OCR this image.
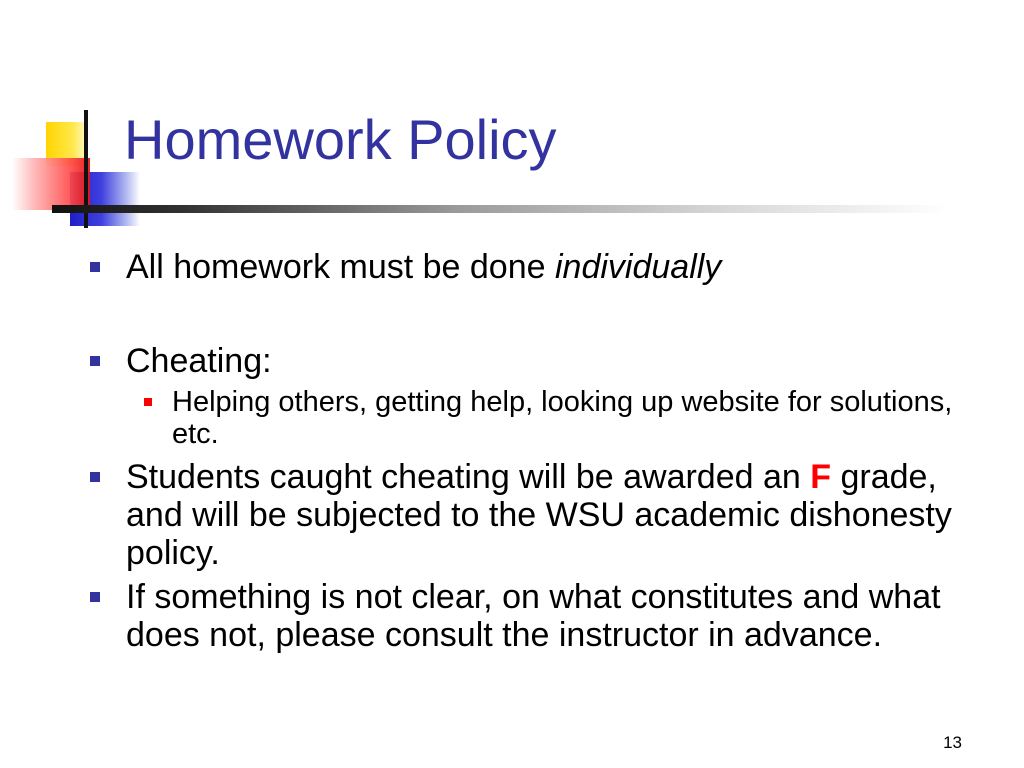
Homework Policy
All homework must be done individually
Cheating:
Helping others, getting help, looking up website for solutions, etc.
Students caught cheating will be awarded an F grade, and will be subjected to the WSU academic dishonesty policy.
If something is not clear, on what constitutes and what does not, please consult the instructor in advance.
13
